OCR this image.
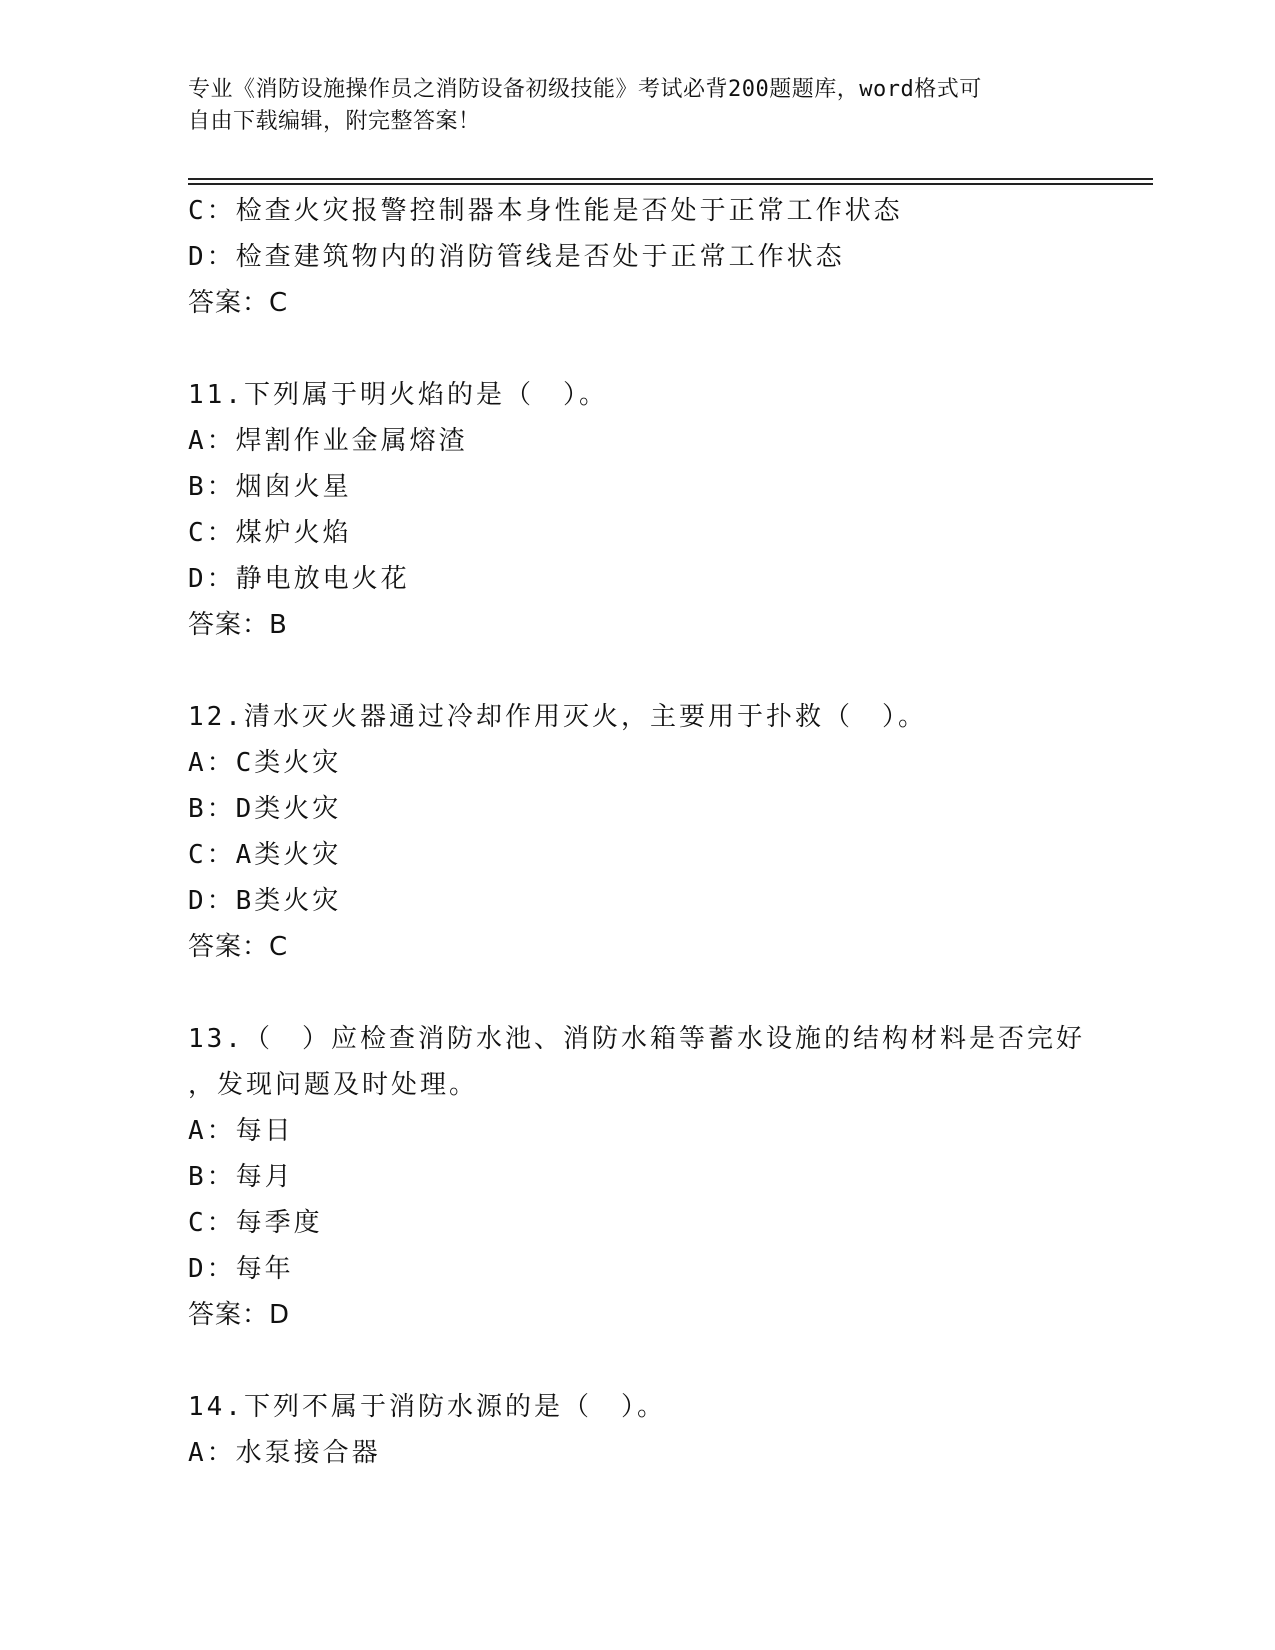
专业《消防设施操作员之消防设备初级技能》考试必背200题题库，word格式可
自由下载编辑，附完整答案！
C：检查火灾报警控制器本身性能是否处于正常工作状态
D：检查建筑物内的消防管线是否处于正常工作状态
答案：C
11.下列属于明火焰的是（　）。
A：焊割作业金属熔渣
B：烟囱火星
C：煤炉火焰
D：静电放电火花
答案：B
12.清水灭火器通过冷却作用灭火，主要用于扑救（　）。
A：C类火灾
B：D类火灾
C：A类火灾
D：B类火灾
答案：C
13.（　）应检查消防水池、消防水箱等蓄水设施的结构材料是否完好
，发现问题及时处理。
A：每日
B：每月
C：每季度
D：每年
答案：D
14.下列不属于消防水源的是（　）。
A：水泵接合器
